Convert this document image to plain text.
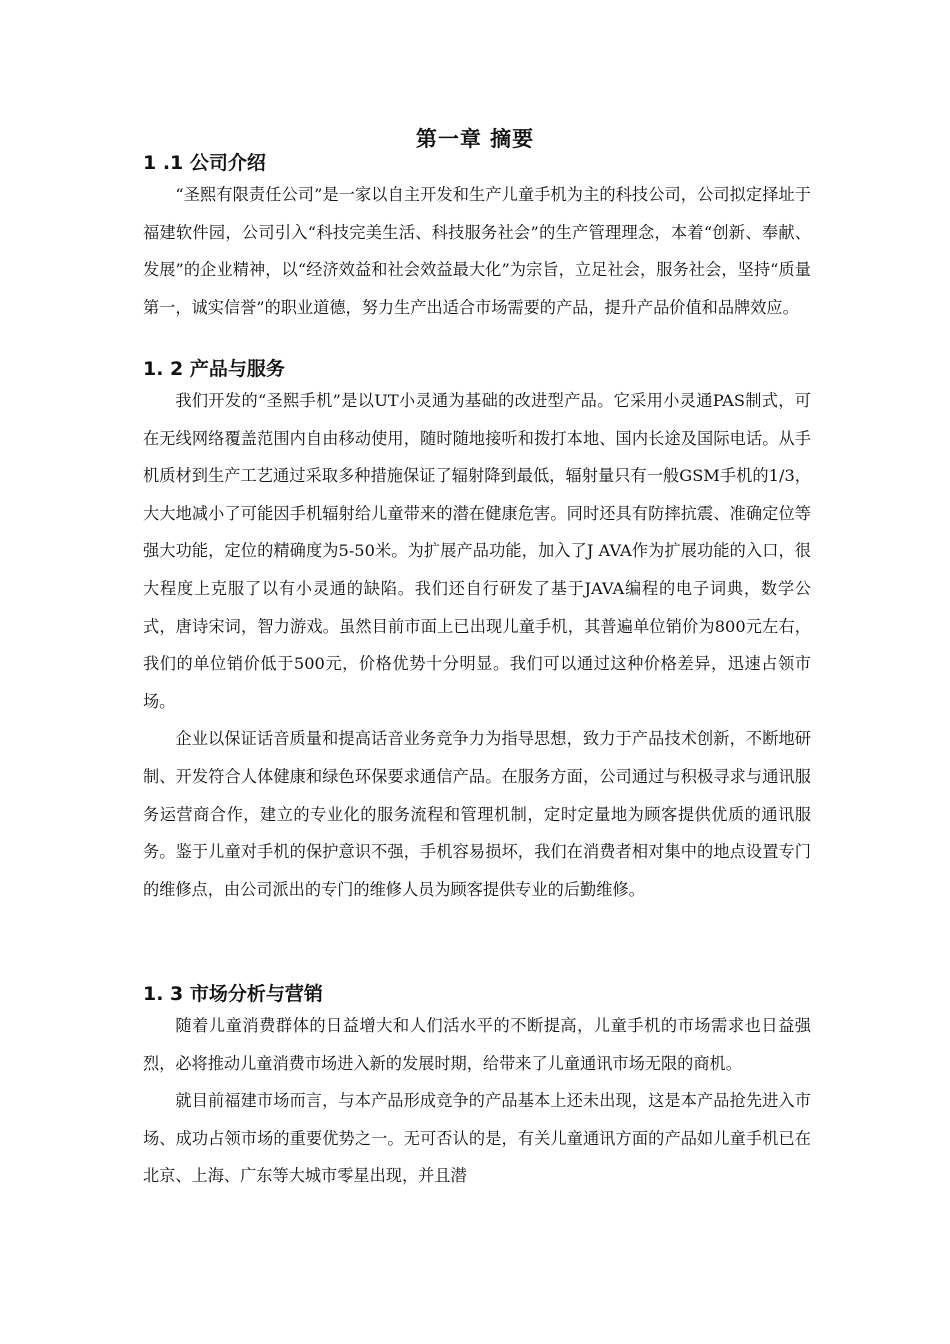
第一章 摘要
1 .1 公司介绍

“圣熙有限责任公司”是一家以自主开发和生产儿童手机为主的科技公司，公司拟定择址于福建软件园，公司引入“科技完美生活、科技服务社会”的生产管理理念，本着“创新、奉献、发展”的企业精神，以“经济效益和社会效益最大化”为宗旨，立足社会，服务社会，坚持“质量第一，诚实信誉”的职业道德，努力生产出适合市场需要的产品，提升产品价值和品牌效应。

1. 2 产品与服务

我们开发的“圣熙手机”是以UT小灵通为基础的改进型产品。它采用小灵通PAS制式，可在无线网络覆盖范围内自由移动使用，随时随地接听和拨打本地、国内长途及国际电话。从手机质材到生产工艺通过采取多种措施保证了辐射降到最低，辐射量只有一般GSM手机的1/3，大大地减小了可能因手机辐射给儿童带来的潜在健康危害。同时还具有防摔抗震、准确定位等强大功能，定位的精确度为5-50米。为扩展产品功能，加入了J AVA作为扩展功能的入口，很大程度上克服了以有小灵通的缺陷。我们还自行研发了基于JAVA编程的电子词典，数学公式，唐诗宋词，智力游戏。虽然目前市面上已出现儿童手机，其普遍单位销价为800元左右，我们的单位销价低于500元，价格优势十分明显。我们可以通过这种价格差异，迅速占领市场。

企业以保证话音质量和提高话音业务竞争力为指导思想，致力于产品技术创新，不断地研制、开发符合人体健康和绿色环保要求通信产品。在服务方面，公司通过与积极寻求与通讯服务运营商合作，建立的专业化的服务流程和管理机制，定时定量地为顾客提供优质的通讯服务。鉴于儿童对手机的保护意识不强，手机容易损坏，我们在消费者相对集中的地点设置专门的维修点，由公司派出的专门的维修人员为顾客提供专业的后勤维修。

1. 3 市场分析与营销

随着儿童消费群体的日益增大和人们活水平的不断提高，儿童手机的市场需求也日益强烈，必将推动儿童消费市场进入新的发展时期，给带来了儿童通讯市场无限的商机。

就目前福建市场而言，与本产品形成竞争的产品基本上还未出现，这是本产品抢先进入市场、成功占领市场的重要优势之一。无可否认的是，有关儿童通讯方面的产品如儿童手机已在北京、上海、广东等大城市零星出现，并且潜
